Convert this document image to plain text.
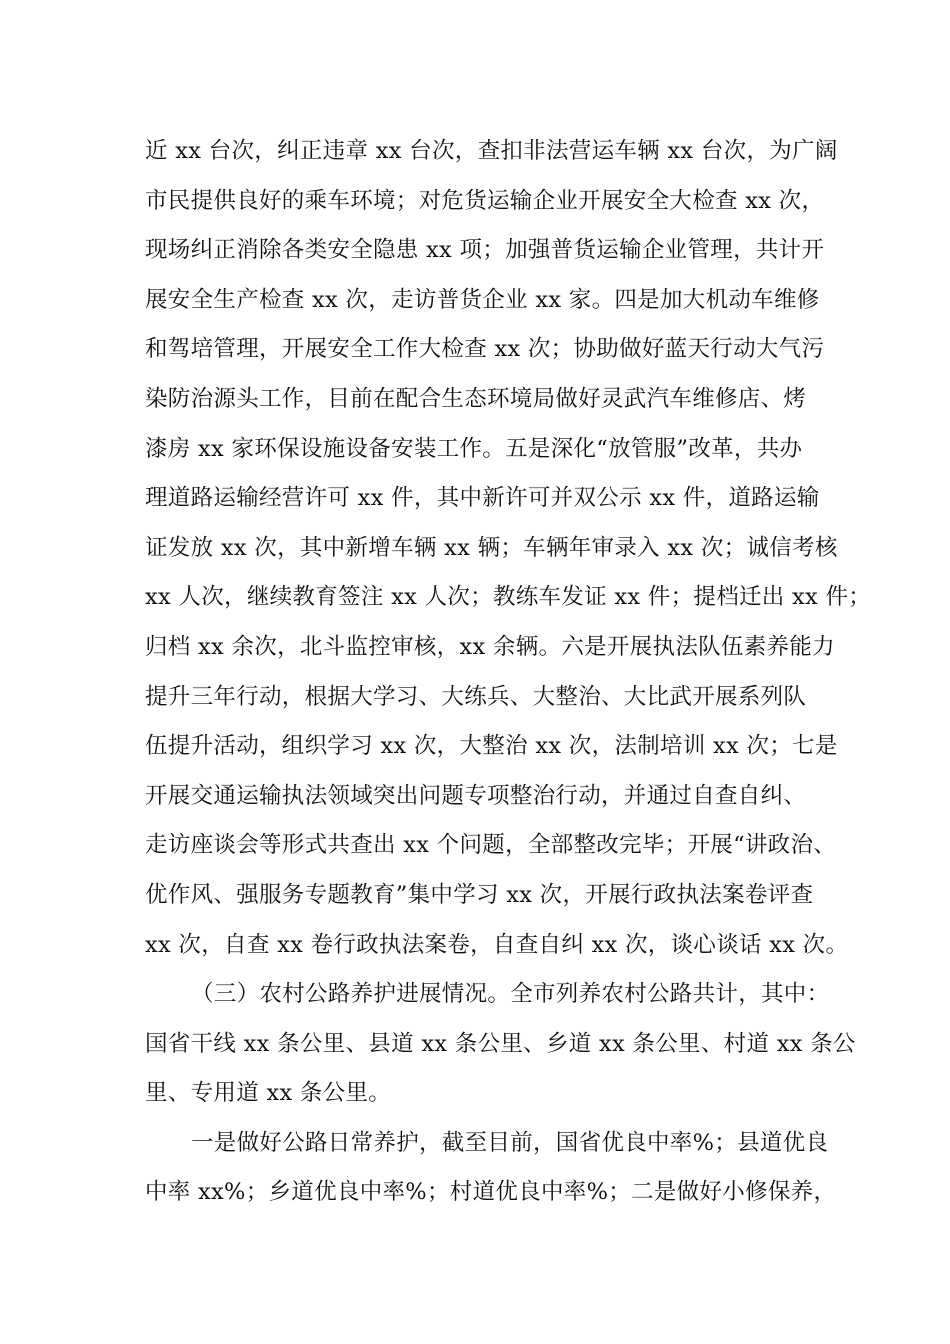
近 xx 台次，纠正违章 xx 台次，查扣非法营运车辆 xx 台次，为广阔
市民提供良好的乘车环境；对危货运输企业开展安全大检查 xx 次，
现场纠正消除各类安全隐患 xx 项；加强普货运输企业管理，共计开
展安全生产检查 xx 次，走访普货企业 xx 家。四是加大机动车维修
和驾培管理，开展安全工作大检查 xx 次；协助做好蓝天行动大气污
染防治源头工作，目前在配合生态环境局做好灵武汽车维修店、烤
漆房 xx 家环保设施设备安装工作。五是深化“放管服”改革，共办
理道路运输经营许可 xx 件，其中新许可并双公示 xx 件，道路运输
证发放 xx 次，其中新增车辆 xx 辆；车辆年审录入 xx 次；诚信考核
xx 人次，继续教育签注 xx 人次；教练车发证 xx 件；提档迁出 xx 件；
归档 xx 余次，北斗监控审核，xx 余辆。六是开展执法队伍素养能力
提升三年行动，根据大学习、大练兵、大整治、大比武开展系列队
伍提升活动，组织学习 xx 次，大整治 xx 次，法制培训 xx 次；七是
开展交通运输执法领域突出问题专项整治行动，并通过自查自纠、
走访座谈会等形式共查出 xx 个问题，全部整改完毕；开展“讲政治、
优作风、强服务专题教育”集中学习 xx 次，开展行政执法案卷评查
xx 次，自查 xx 卷行政执法案卷，自查自纠 xx 次，谈心谈话 xx 次。
（三）农村公路养护进展情况。全市列养农村公路共计，其中：
国省干线 xx 条公里、县道 xx 条公里、乡道 xx 条公里、村道 xx 条公
里、专用道 xx 条公里。
一是做好公路日常养护，截至目前，国省优良中率%；县道优良
中率 xx%；乡道优良中率%；村道优良中率%；二是做好小修保养，
